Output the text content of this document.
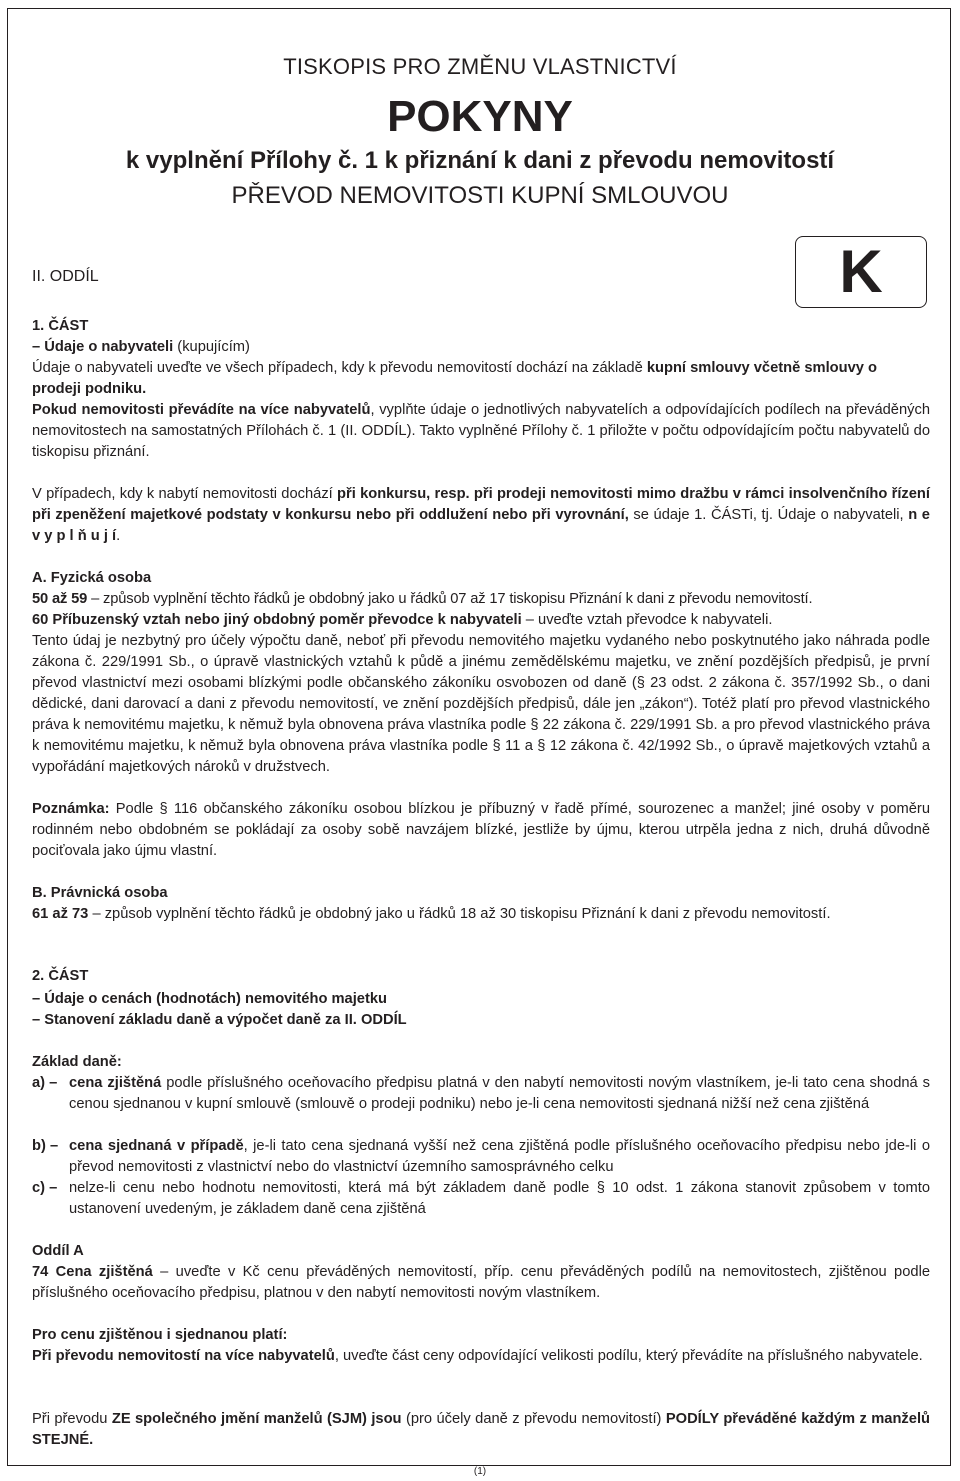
TISKOPIS PRO ZMĚNU VLASTNICTVÍ
POKYNY
k vyplnění Přílohy č. 1 k přiznání k dani z převodu nemovitostí
PŘEVOD NEMOVITOSTI KUPNÍ SMLOUVOU
II. ODDÍL	K
1. ČÁST
– Údaje o nabyvateli (kupujícím)
Údaje o nabyvateli uveďte ve všech případech, kdy k převodu nemovitostí dochází na základě kupní smlouvy včetně smlouvy o prodeji podniku.
Pokud nemovitosti převádíte na více nabyvatelů, vyplňte údaje o jednotlivých nabyvatelích a odpovídajících podílech na převáděných nemovitostech na samostatných Přílohách č. 1 (II. ODDÍL). Takto vyplněné Přílohy č. 1 přiložte v počtu odpovídajícím počtu nabyvatelů do tiskopisu přiznání.
V případech, kdy k nabytí nemovitosti dochází při konkursu, resp. při prodeji nemovitosti mimo dražbu v rámci insolvenčního řízení při zpeněžení majetkové podstaty v konkursu nebo při oddlužení nebo při vyrovnání, se údaje 1. ČÁSTi, tj. Údaje o nabyvateli, n e v y p l ň u j í.
A. Fyzická osoba
50 až 59 – způsob vyplnění těchto řádků je obdobný jako u řádků 07 až 17 tiskopisu Přiznání k dani z převodu nemovitostí.
60 Příbuzenský vztah nebo jiný obdobný poměr převodce k nabyvateli – uveďte vztah převodce k nabyvateli.
Tento údaj je nezbytný pro účely výpočtu daně, neboť při převodu nemovitého majetku vydaného nebo poskytnutého jako náhrada podle zákona č. 229/1991 Sb., o úpravě vlastnických vztahů k půdě a jinému zemědělskému majetku, ve znění pozdějších předpisů, je první převod vlastnictví mezi osobami blízkými podle občanského zákoníku osvobozen od daně (§ 23 odst. 2 zákona č. 357/1992 Sb., o dani dědické, dani darovací a dani z převodu nemovitostí, ve znění pozdějších předpisů, dále jen „zákon“). Totéž platí pro převod vlastnického práva k nemovitému majetku, k němuž byla obnovena práva vlastníka podle § 22 zákona č. 229/1991 Sb. a pro převod vlastnického práva k nemovitému majetku, k němuž byla obnovena práva vlastníka podle § 11 a § 12 zákona č. 42/1992 Sb., o úpravě majetkových vztahů a vypořádání majetkových nároků v družstvech.
Poznámka: Podle § 116 občanského zákoníku osobou blízkou je příbuzný v řadě přímé, sourozenec a manžel; jiné osoby v poměru rodinném nebo obdobném se pokládají za osoby sobě navzájem blízké, jestliže by újmu, kterou utrpěla jedna z nich, druhá důvodně pociťovala jako újmu vlastní.
B. Právnická osoba
61 až 73 – způsob vyplnění těchto řádků je obdobný jako u řádků 18 až 30 tiskopisu Přiznání k dani z převodu nemovitostí.
2. ČÁST
– Údaje o cenách (hodnotách) nemovitého majetku
– Stanovení základu daně a výpočet daně za II. ODDÍL
Základ daně:
a) – cena zjištěná podle příslušného oceňovacího předpisu platná v den nabytí nemovitosti novým vlastníkem, je-li tato cena shodná s cenou sjednanou v kupní smlouvě (smlouvě o prodeji podniku) nebo je-li cena nemovitosti sjednaná nižší než cena zjištěná
b) – cena sjednaná v případě, je-li tato cena sjednaná vyšší než cena zjištěná podle příslušného oceňovacího předpisu nebo jde-li o převod nemovitosti z vlastnictví nebo do vlastnictví územního samosprávného celku
c) – nelze-li cenu nebo hodnotu nemovitosti, která má být základem daně podle § 10 odst. 1 zákona stanovit způsobem v tomto ustanovení uvedeným, je základem daně cena zjištěná
Oddíl A
74 Cena zjištěná – uveďte v Kč cenu převáděných nemovitostí, příp. cenu převáděných podílů na nemovitostech, zjištěnou podle příslušného oceňovacího předpisu, platnou v den nabytí nemovitosti novým vlastníkem.
Pro cenu zjištěnou i sjednanou platí:
Při převodu nemovitostí na více nabyvatelů, uveďte část ceny odpovídající velikosti podílu, který převádíte na příslušného nabyvatele.
Při převodu ZE společného jmění manželů (SJM) jsou (pro účely daně z převodu nemovitostí) PODÍLY převáděné každým z manželů STEJNÉ.
(1)
